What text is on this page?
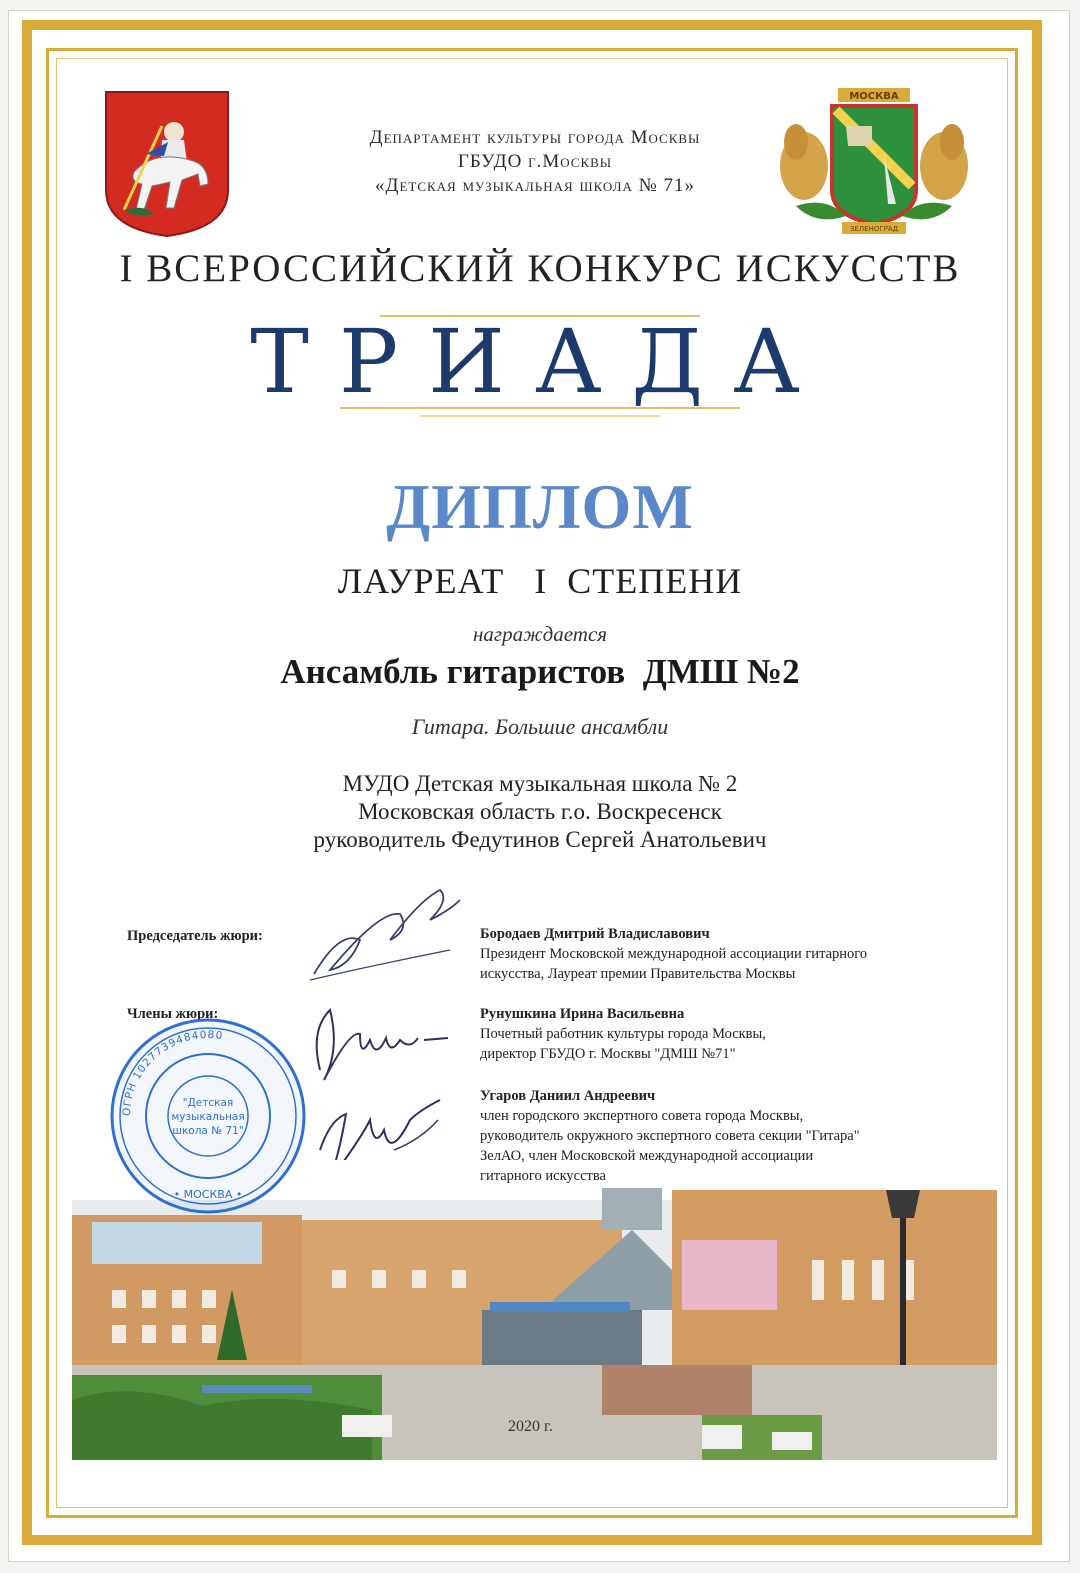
МОСКВА
ЗЕЛЕНОГРАД
Департамент культуры города Москвы
ГБУДО г.Москвы
«Детская музыкальная школа № 71»
I ВСЕРОССИЙСКИЙ КОНКУРС ИСКУССТВ
ТРИАДА
ДИПЛОМ
ЛАУРЕАТ   I  СТЕПЕНИ
награждается
Ансамбль гитаристов  ДМШ №2
Гитара. Большие ансамбли
МУДО Детская музыкальная школа № 2
Московская область г.о. Воскресенск
руководитель Федутинов Сергей Анатольевич
Председатель жюри:
Члены жюри:
Бородаев Дмитрий Владиславович
Президент Московской международной ассоциации гитарного
искусства, Лауреат премии Правительства Москвы
Рунушкина Ирина Васильевна
Почетный работник культуры города Москвы,
директор ГБУДО г. Москвы "ДМШ №71"
Угаров Даниил Андреевич
член городского экспертного совета города Москвы,
руководитель окружного экспертного совета секции "Гитара"
ЗелАО, член Московской международной ассоциации
гитарного искусства
2020 г.
ОГРН 1027739484080
"Детская
музыкальная
школа № 71"
• МОСКВА •
